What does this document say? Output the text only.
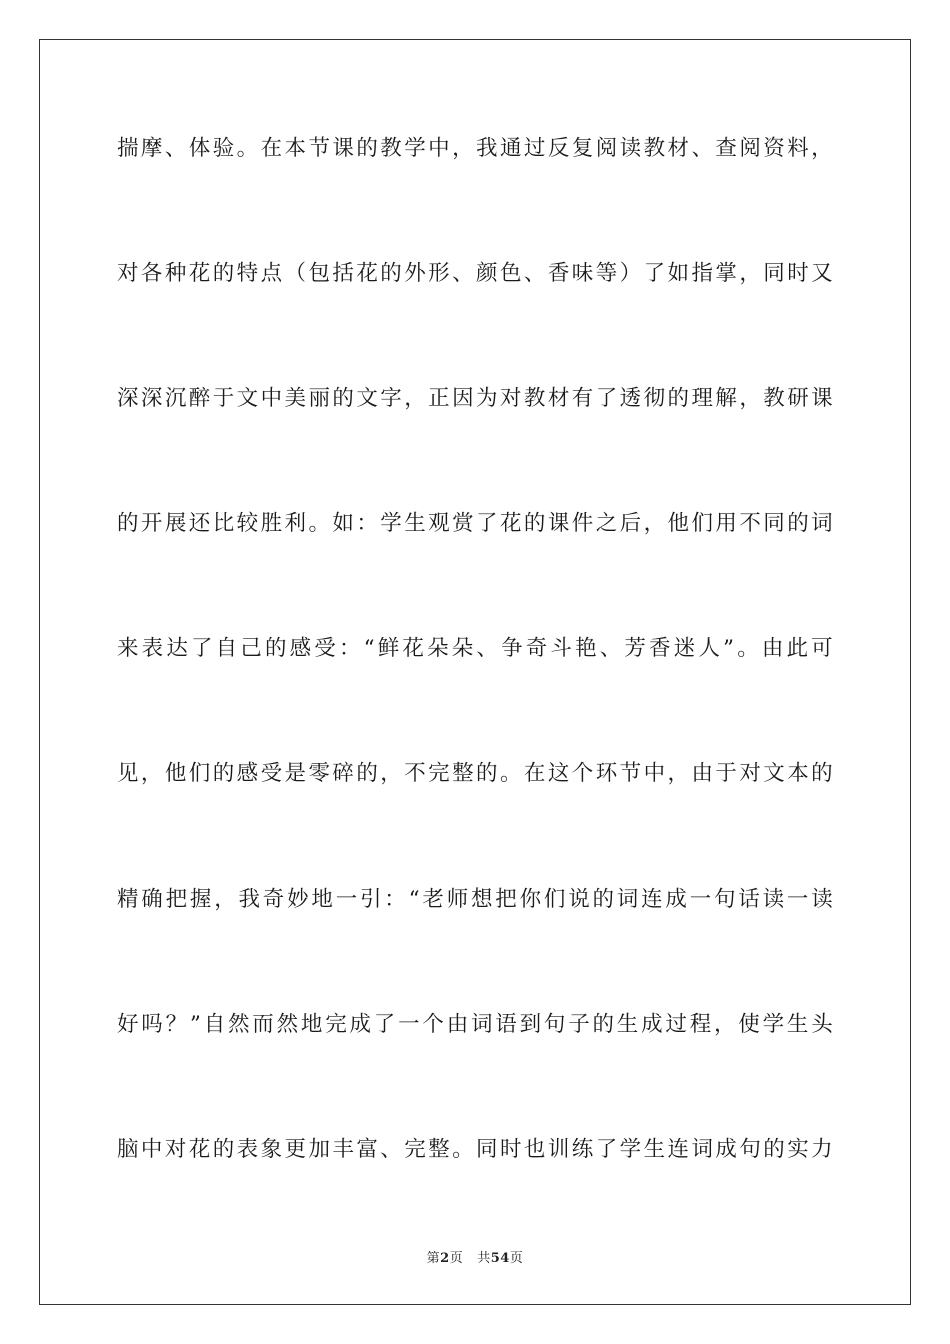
揣摩、体验。在本节课的教学中，我通过反复阅读教材、查阅资料，
对各种花的特点（包括花的外形、颜色、香味等）了如指掌，同时又
深深沉醉于文中美丽的文字，正因为对教材有了透彻的理解，教研课
的开展还比较胜利。如：学生观赏了花的课件之后，他们用不同的词
来表达了自己的感受：“鲜花朵朵、争奇斗艳、芳香迷人”。由此可
见，他们的感受是零碎的，不完整的。在这个环节中，由于对文本的
精确把握，我奇妙地一引：“老师想把你们说的词连成一句话读一读
好吗？”自然而然地完成了一个由词语到句子的生成过程，使学生头
脑中对花的表象更加丰富、完整。同时也训练了学生连词成句的实力
第2页 共54页
